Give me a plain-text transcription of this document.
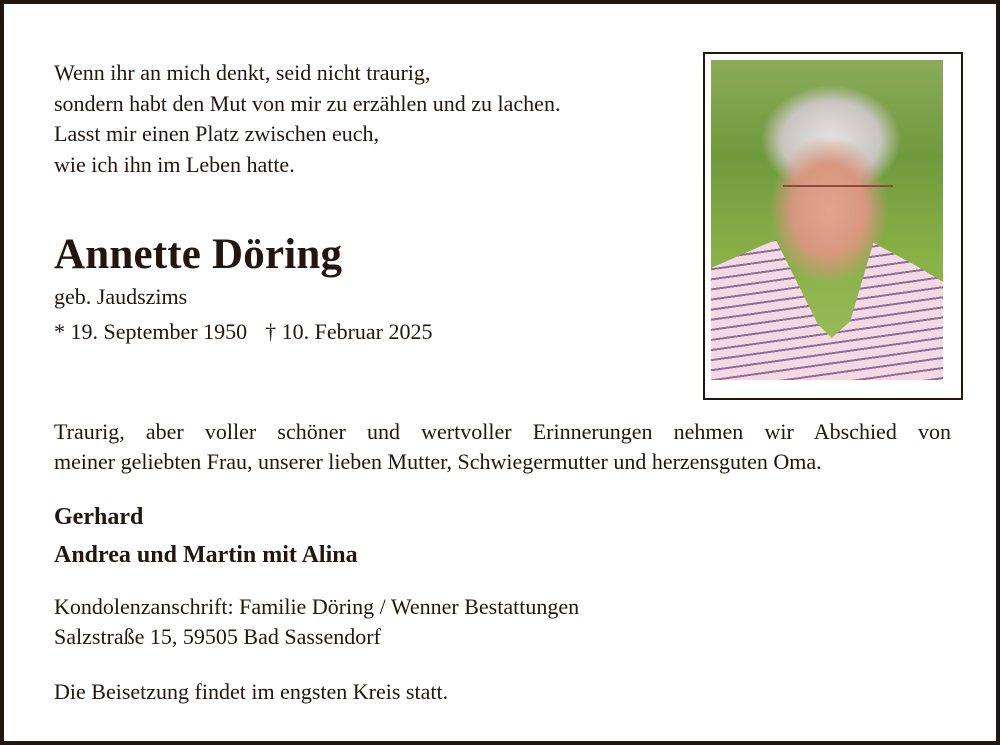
Wenn ihr an mich denkt, seid nicht traurig,
sondern habt den Mut von mir zu erzählen und zu lachen.
Lasst mir einen Platz zwischen euch,
wie ich ihn im Leben hatte.
Annette Döring
geb. Jaudszims
* 19. September 1950 † 10. Februar 2025
Traurig, aber voller schöner und wertvoller Erinnerungen nehmen wir Abschied von
meiner geliebten Frau, unserer lieben Mutter, Schwiegermutter und herzensguten Oma.
Gerhard
Andrea und Martin mit Alina
Kondolenzanschrift: Familie Döring / Wenner Bestattungen
Salzstraße 15, 59505 Bad Sassendorf
Die Beisetzung findet im engsten Kreis statt.
